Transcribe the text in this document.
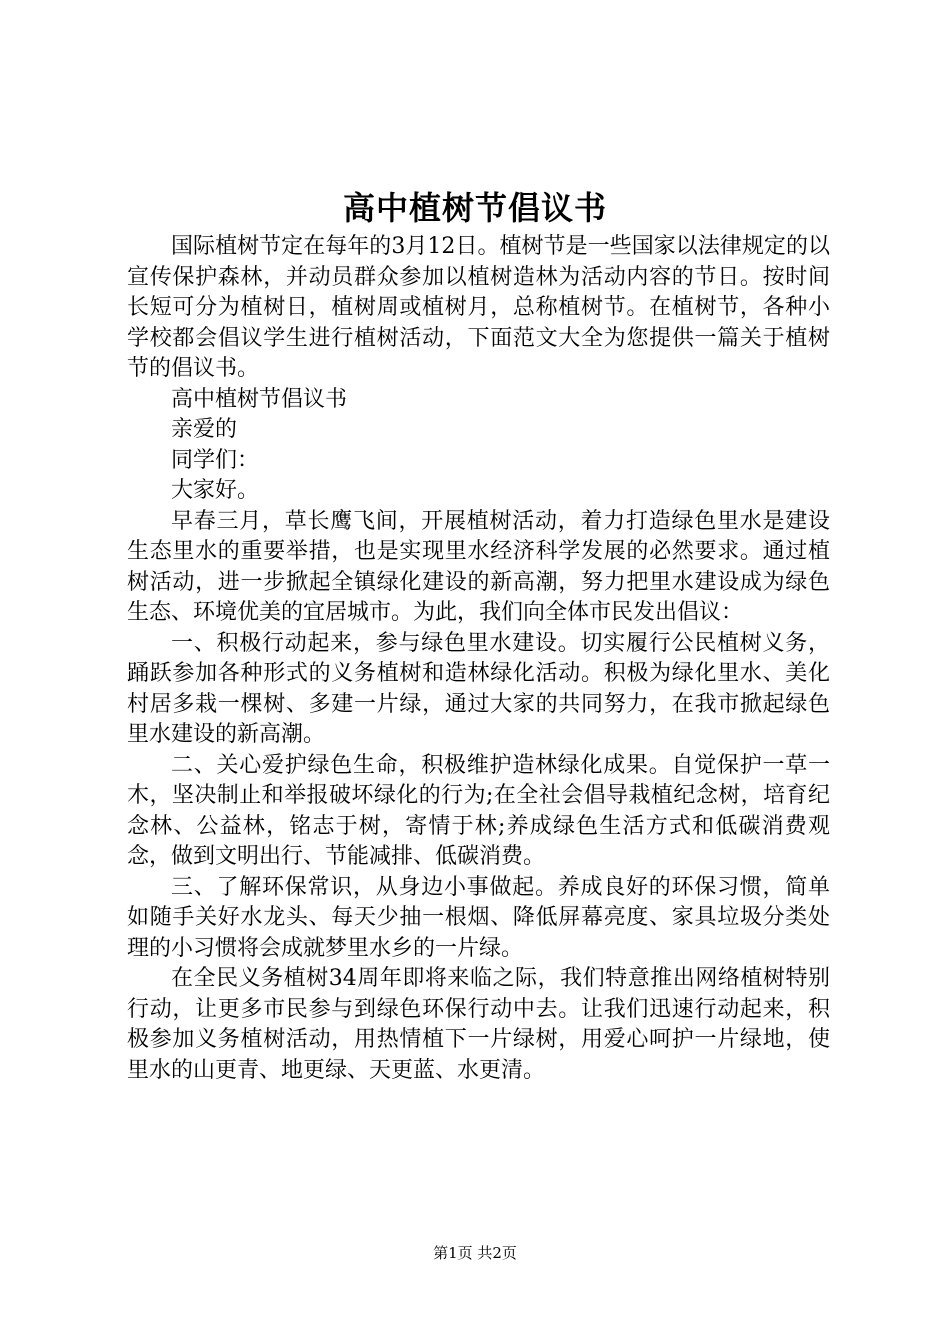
高中植树节倡议书

国际植树节定在每年的3月12日。植树节是一些国家以法律规定的以宣传保护森林，并动员群众参加以植树造林为活动内容的节日。按时间长短可分为植树日，植树周或植树月，总称植树节。在植树节，各种小学校都会倡议学生进行植树活动，下面范文大全为您提供一篇关于植树节的倡议书。

高中植树节倡议书

亲爱的

同学们：

大家好。

早春三月，草长鹰飞间，开展植树活动，着力打造绿色里水是建设生态里水的重要举措，也是实现里水经济科学发展的必然要求。通过植树活动，进一步掀起全镇绿化建设的新高潮，努力把里水建设成为绿色生态、环境优美的宜居城市。为此，我们向全体市民发出倡议：

一、积极行动起来，参与绿色里水建设。切实履行公民植树义务，踊跃参加各种形式的义务植树和造林绿化活动。积极为绿化里水、美化村居多栽一棵树、多建一片绿，通过大家的共同努力，在我市掀起绿色里水建设的新高潮。

二、关心爱护绿色生命，积极维护造林绿化成果。自觉保护一草一木，坚决制止和举报破坏绿化的行为;在全社会倡导栽植纪念树，培育纪念林、公益林，铭志于树，寄情于林;养成绿色生活方式和低碳消费观念，做到文明出行、节能减排、低碳消费。

三、了解环保常识，从身边小事做起。养成良好的环保习惯，简单如随手关好水龙头、每天少抽一根烟、降低屏幕亮度、家具垃圾分类处理的小习惯将会成就梦里水乡的一片绿。

在全民义务植树34周年即将来临之际，我们特意推出网络植树特别行动，让更多市民参与到绿色环保行动中去。让我们迅速行动起来，积极参加义务植树活动，用热情植下一片绿树，用爱心呵护一片绿地，使里水的山更青、地更绿、天更蓝、水更清。

第1页 共2页
